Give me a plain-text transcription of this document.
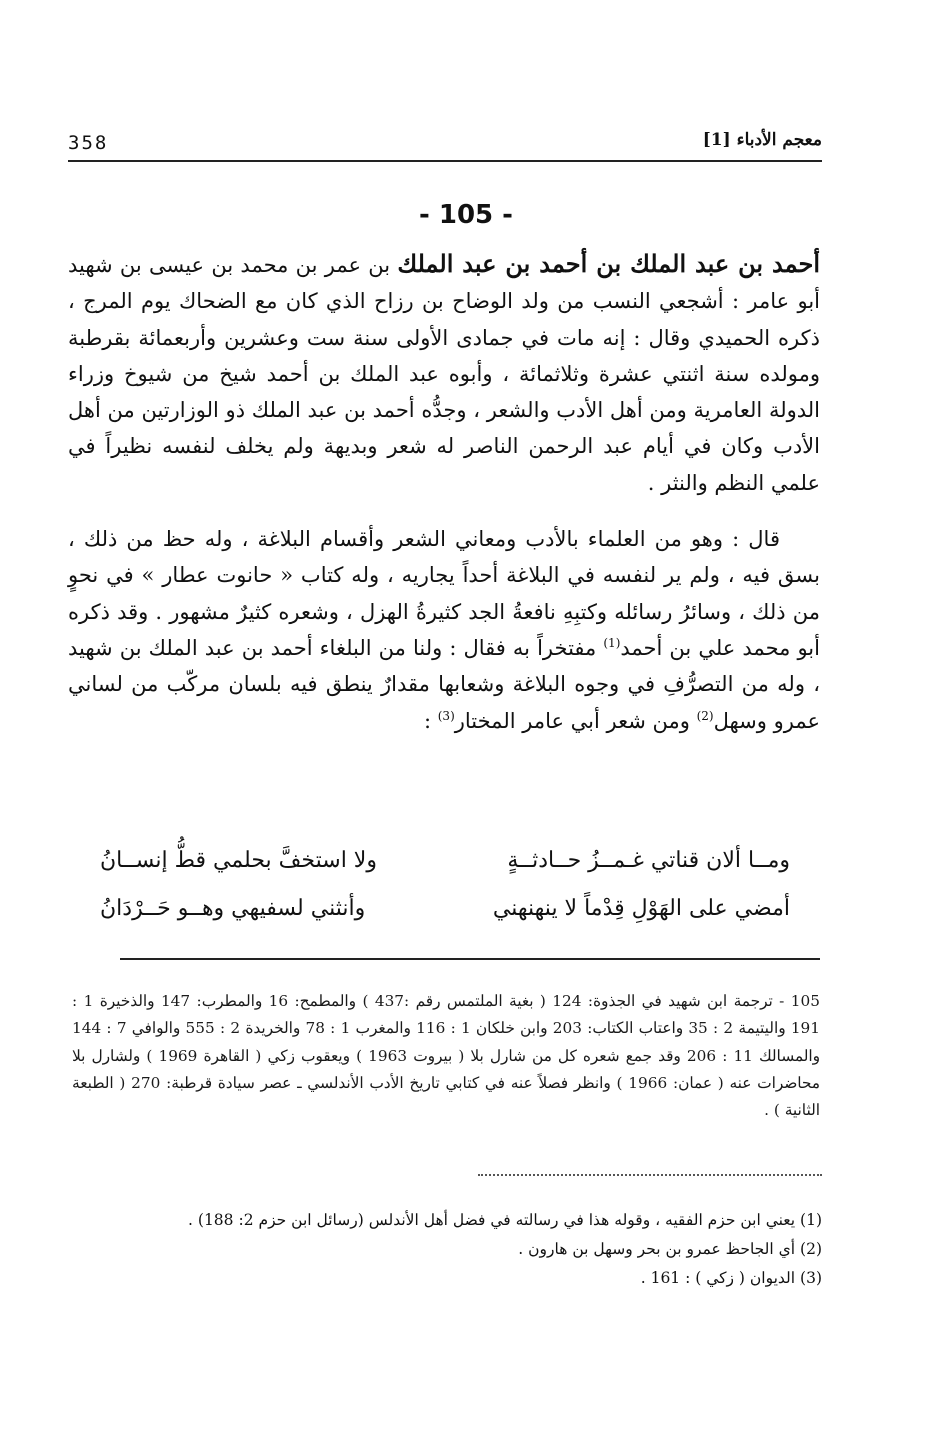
358	معجم الأدباء [1]
- 105 -

أحمد بن عبد الملك بن أحمد بن عبد الملك بن عمر بن محمد بن عيسى بن شهيد أبو عامر : أشجعي النسب من ولد الوضاح بن رزاح الذي كان مع الضحاك يوم المرج ، ذكره الحميدي وقال : إنه مات في جمادى الأولى سنة ست وعشرين وأربعمائة بقرطبة ومولده سنة اثنتي عشرة وثلاثمائة ، وأبوه عبد الملك بن أحمد شيخ من شيوخ وزراء الدولة العامرية ومن أهل الأدب والشعر ، وجدُّه أحمد بن عبد الملك ذو الوزارتين من أهل الأدب وكان في أيام عبد الرحمن الناصر له شعر وبديهة ولم يخلف لنفسه نظيراً في علمي النظم والنثر .

قال : وهو من العلماء بالأدب ومعاني الشعر وأقسام البلاغة ، وله حظ من ذلك ، بسق فيه ، ولم ير لنفسه في البلاغة أحداً يجاريه ، وله كتاب « حانوت عطار » في نحوٍ من ذلك ، وسائرُ رسائله وكتبِهِ نافعةُ الجد كثيرةُ الهزل ، وشعره كثيرٌ مشهور . وقد ذكره أبو محمد علي بن أحمد$^{(1)}$ مفتخراً به فقال : ولنا من البلغاء أحمد بن عبد الملك بن شهيد ، وله من التصرُّفِ في وجوه البلاغة وشعابها مقدارٌ ينطق فيه بلسان مركّب من لساني عمرو وسهل$^{(2)}$ ومن شعر أبي عامر المختار$^{(3)}$ :

ومــا ألان قناتي غـمــزُ حــادثــةٍ
ولا استخفَّ بحلمي قطُّ إنســانُ
أمضي على الهَوْلِ قِدْماً لا ينهنهني
وأنثني لسفيهي وهــو حَــرْدَانُ
105 - ترجمة ابن شهيد في الجذوة: 124 ( بغية الملتمس رقم :437 ) والمطمح: 16 والمطرب: 147 والذخيرة 1 : 191 واليتيمة 2 : 35 واعتاب الكتاب: 203 وابن خلكان 1 : 116 والمغرب 1 : 78 والخريدة 2 : 555 والوافي 7 : 144 والمسالك 11 : 206 وقد جمع شعره كل من شارل بلا ( بيروت 1963 ) ويعقوب زكي ( القاهرة 1969 ) ولشارل بلا محاضرات عنه ( عمان: 1966 ) وانظر فصلاً عنه في كتابي تاريخ الأدب الأندلسي ـ عصر سيادة قرطبة: 270 ( الطبعة الثانية ) .
(1) يعني ابن حزم الفقيه ، وقوله هذا في رسالته في فضل أهل الأندلس (رسائل ابن حزم 2: 188) .
(2) أي الجاحظ عمرو بن بحر وسهل بن هارون .
(3) الديوان ( زكي ) : 161 .
